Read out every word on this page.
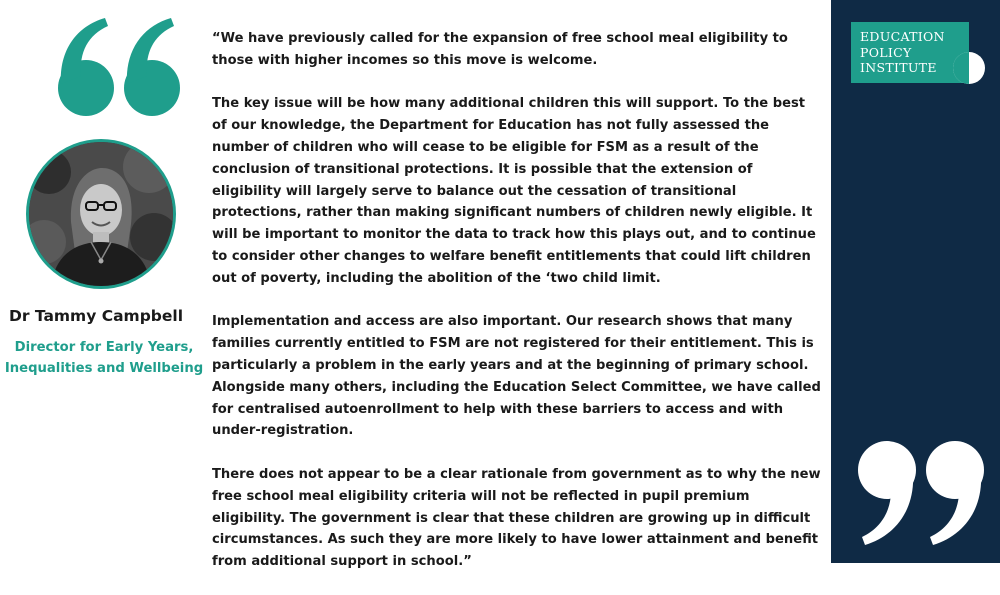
Dr Tammy Campbell
Director for Early Years,
Inequalities and Wellbeing

“We have previously called for the expansion of free school meal eligibility to those with higher incomes so this move is welcome.

The key issue will be how many additional children this will support. To the best of our knowledge, the Department for Education has not fully assessed the number of children who will cease to be eligible for FSM as a result of the conclusion of transitional protections. It is possible that the extension of eligibility will largely serve to balance out the cessation of transitional protections, rather than making significant numbers of children newly eligible. It will be important to monitor the data to track how this plays out, and to continue to consider other changes to welfare benefit entitlements that could lift children out of poverty, including the abolition of the ‘two child limit.

Implementation and access are also important. Our research shows that many families currently entitled to FSM are not registered for their entitlement. This is particularly a problem in the early years and at the beginning of primary school. Alongside many others, including the Education Select Committee, we have called for centralised autoenrollment to help with these barriers to access and with under-registration.

There does not appear to be a clear rationale from government as to why the new free school meal eligibility criteria will not be reflected in pupil premium eligibility. The government is clear that these children are growing up in difficult circumstances. As such they are more likely to have lower attainment and benefit from additional support in school.”

EDUCATION
POLICY
INSTITUTE
